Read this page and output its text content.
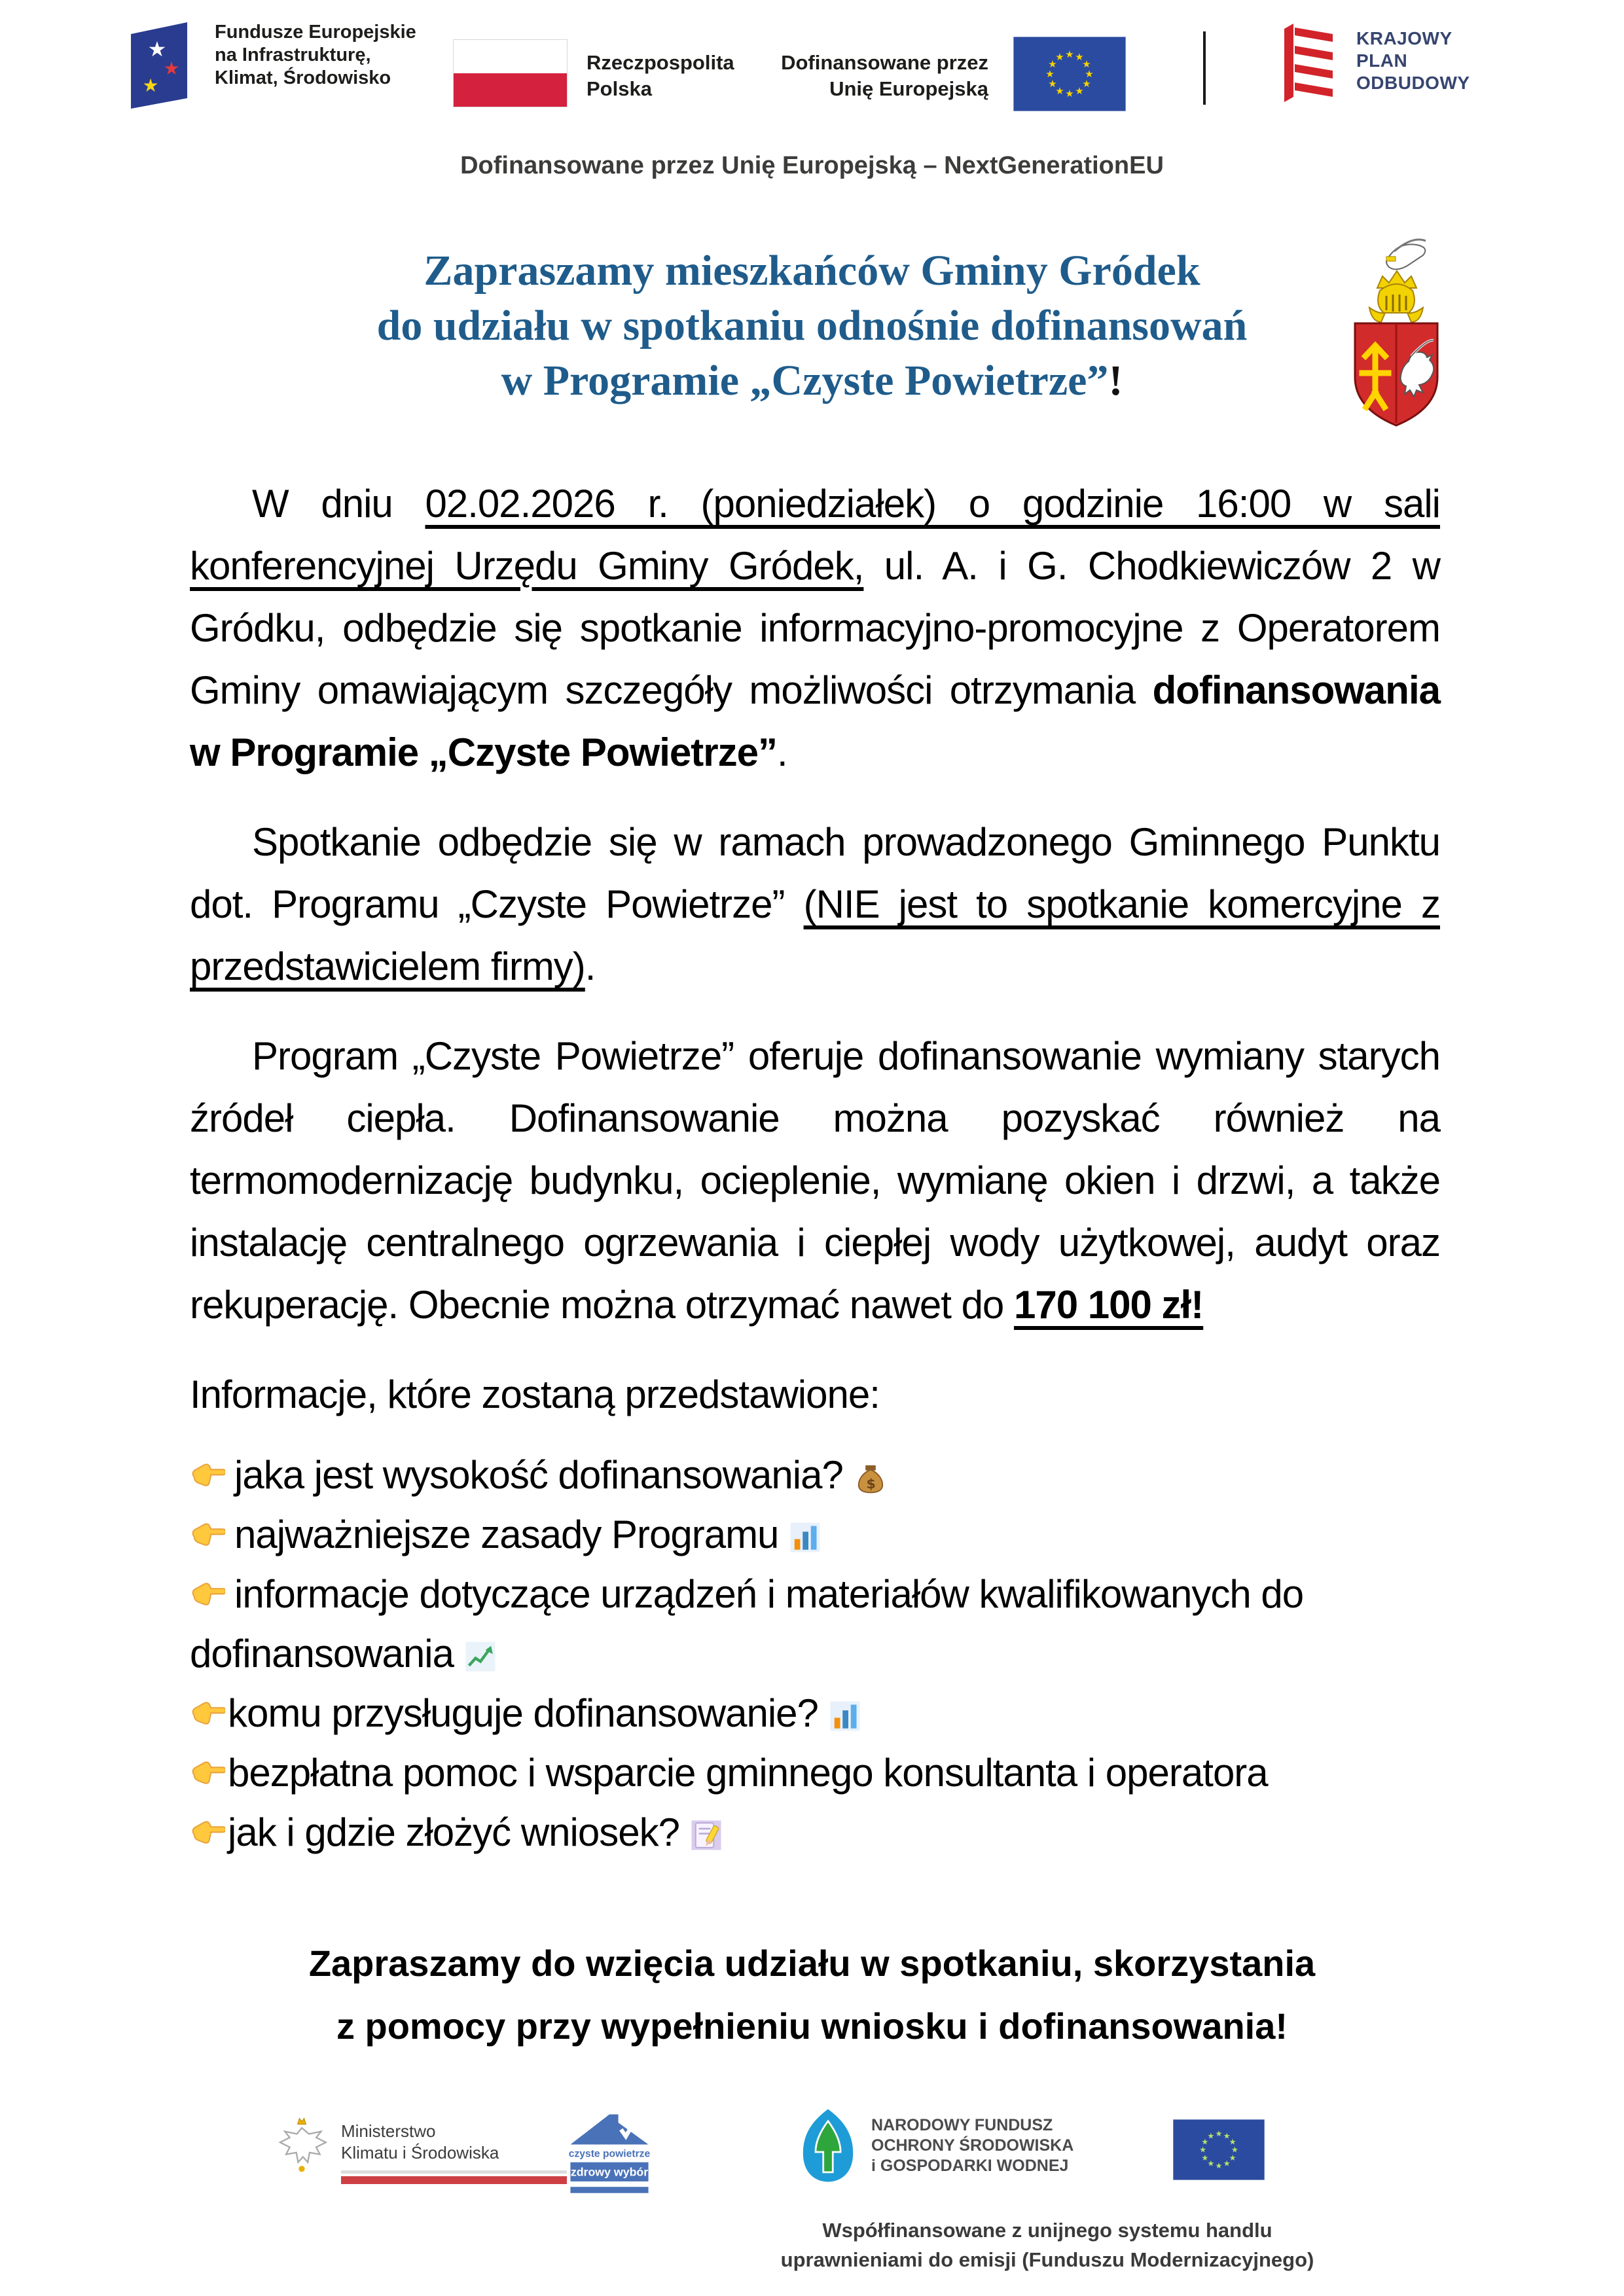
★
★
★
Fundusze Europejskie
na Infrastrukturę,
Klimat, Środowisko
Rzeczpospolita
Polska
Dofinansowane przez
Unię Europejską
★ ★
★
★
★
★
★
★
★
★
★
★
KRAJOWY
PLAN
ODBUDOWY
Dofinansowane przez Unię Europejską – NextGenerationEU
Zapraszamy mieszkańców Gminy Gródek
do udziału w spotkaniu odnośnie dofinansowań
w Programie „Czyste Powietrze”!

W dniu 02.02.2026 r. (poniedziałek) o godzinie 16:00 w sali konferencyjnej Urzędu Gminy Gródek, ul. A. i G. Chodkiewiczów 2 w Gródku, odbędzie się spotkanie informacyjno-promocyjne z Operatorem Gminy omawiającym szczegóły możliwości otrzymania dofinansowania w Programie „Czyste Powietrze”.

Spotkanie odbędzie się w ramach prowadzonego Gminnego Punktu dot. Programu „Czyste Powietrze” (NIE jest to spotkanie komercyjne z przedstawicielem firmy).

Program „Czyste Powietrze” oferuje dofinansowanie wymiany starych źródeł ciepła. Dofinansowanie można pozyskać również na termomodernizację budynku, ocieplenie, wymianę okien i drzwi, a także instalację centralnego ogrzewania i ciepłej wody użytkowej, audyt oraz rekuperację. Obecnie można otrzymać nawet do 170 100 zł!

Informacje, które zostaną przedstawione:

jaka jest wysokość dofinansowania? $
najważniejsze zasady Programu
informacje dotyczące urządzeń i materiałów kwalifikowanych do dofinansowania
komu przysługuje dofinansowanie?
bezpłatna pomoc i wsparcie gminnego konsultanta i operatora
jak i gdzie złożyć wniosek?
Zapraszamy do wzięcia udziału w spotkaniu, skorzystania
z pomocy przy wypełnieniu wniosku i dofinansowania!
Ministerstwo
Klimatu i Środowiska	czyste powietrze
zdrowy wybór
NARODOWY FUNDUSZ
OCHRONY ŚRODOWISKA
i GOSPODARKI WODNEJ
★ ★
★
★
★
★
★
★
★
★
★
★
Współfinansowane z unijnego systemu handlu
uprawnieniami do emisji (Funduszu Modernizacyjnego)
